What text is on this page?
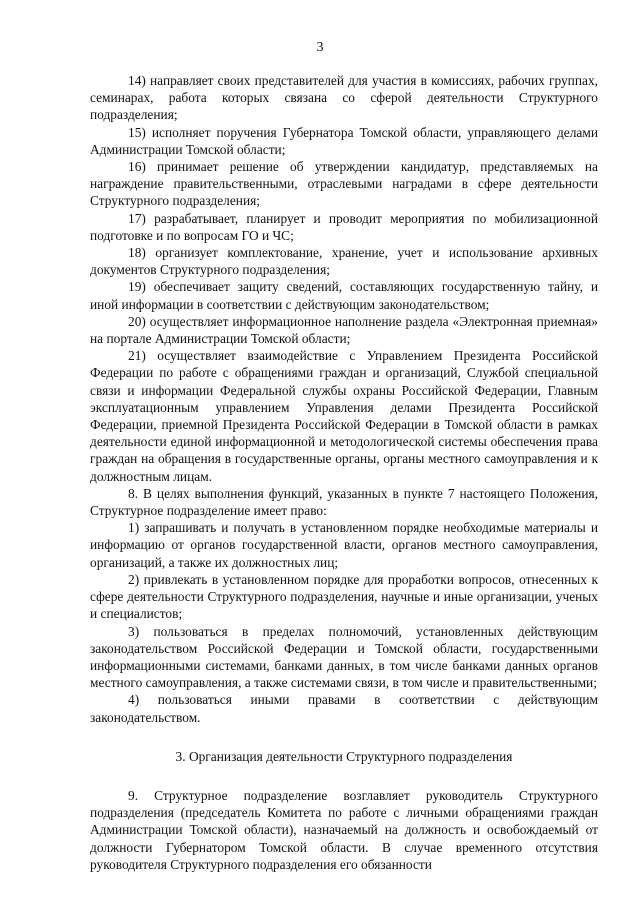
3

14) направляет своих представителей для участия в комиссиях, рабочих группах, семинарах, работа которых связана со сферой деятельности Структурного подразделения;

15) исполняет поручения Губернатора Томской области, управляющего делами Администрации Томской области;

16) принимает решение об утверждении кандидатур, представляемых на награждение правительственными, отраслевыми наградами в сфере деятельности Структурного подразделения;

17) разрабатывает, планирует и проводит мероприятия по мобилизационной подготовке и по вопросам ГО и ЧС;

18) организует комплектование, хранение, учет и использование архивных документов Структурного подразделения;

19) обеспечивает защиту сведений, составляющих государственную тайну, и иной информации в соответствии с действующим законодательством;

20) осуществляет информационное наполнение раздела «Электронная приемная» на портале Администрации Томской области;

21) осуществляет взаимодействие с Управлением Президента Российской Федерации по работе с обращениями граждан и организаций, Службой специальной связи и информации Федеральной службы охраны Российской Федерации, Главным эксплуатационным управлением Управления делами Президента Российской Федерации, приемной Президента Российской Федерации в Томской области в рамках деятельности единой информационной и методологической системы обеспечения права граждан на обращения в государственные органы, органы местного самоуправления и к должностным лицам.

8. В целях выполнения функций, указанных в пункте 7 настоящего Положения, Структурное подразделение имеет право:

1) запрашивать и получать в установленном порядке необходимые материалы и информацию от органов государственной власти, органов местного самоуправления, организаций, а также их должностных лиц;

2) привлекать в установленном порядке для проработки вопросов, отнесенных к сфере деятельности Структурного подразделения, научные и иные организации, ученых и специалистов;

3) пользоваться в пределах полномочий, установленных действующим законодательством Российской Федерации и Томской области, государственными информационными системами, банками данных, в том числе банками данных органов местного самоуправления, а также системами связи, в том числе и правительственными;

4) пользоваться иными правами в соответствии с действующим законодательством.

3. Организация деятельности Структурного подразделения

9. Структурное подразделение возглавляет руководитель Структурного подразделения (председатель Комитета по работе с личными обращениями граждан Администрации Томской области), назначаемый на должность и освобождаемый от должности Губернатором Томской области. В случае временного отсутствия руководителя Структурного подразделения его обязанности
